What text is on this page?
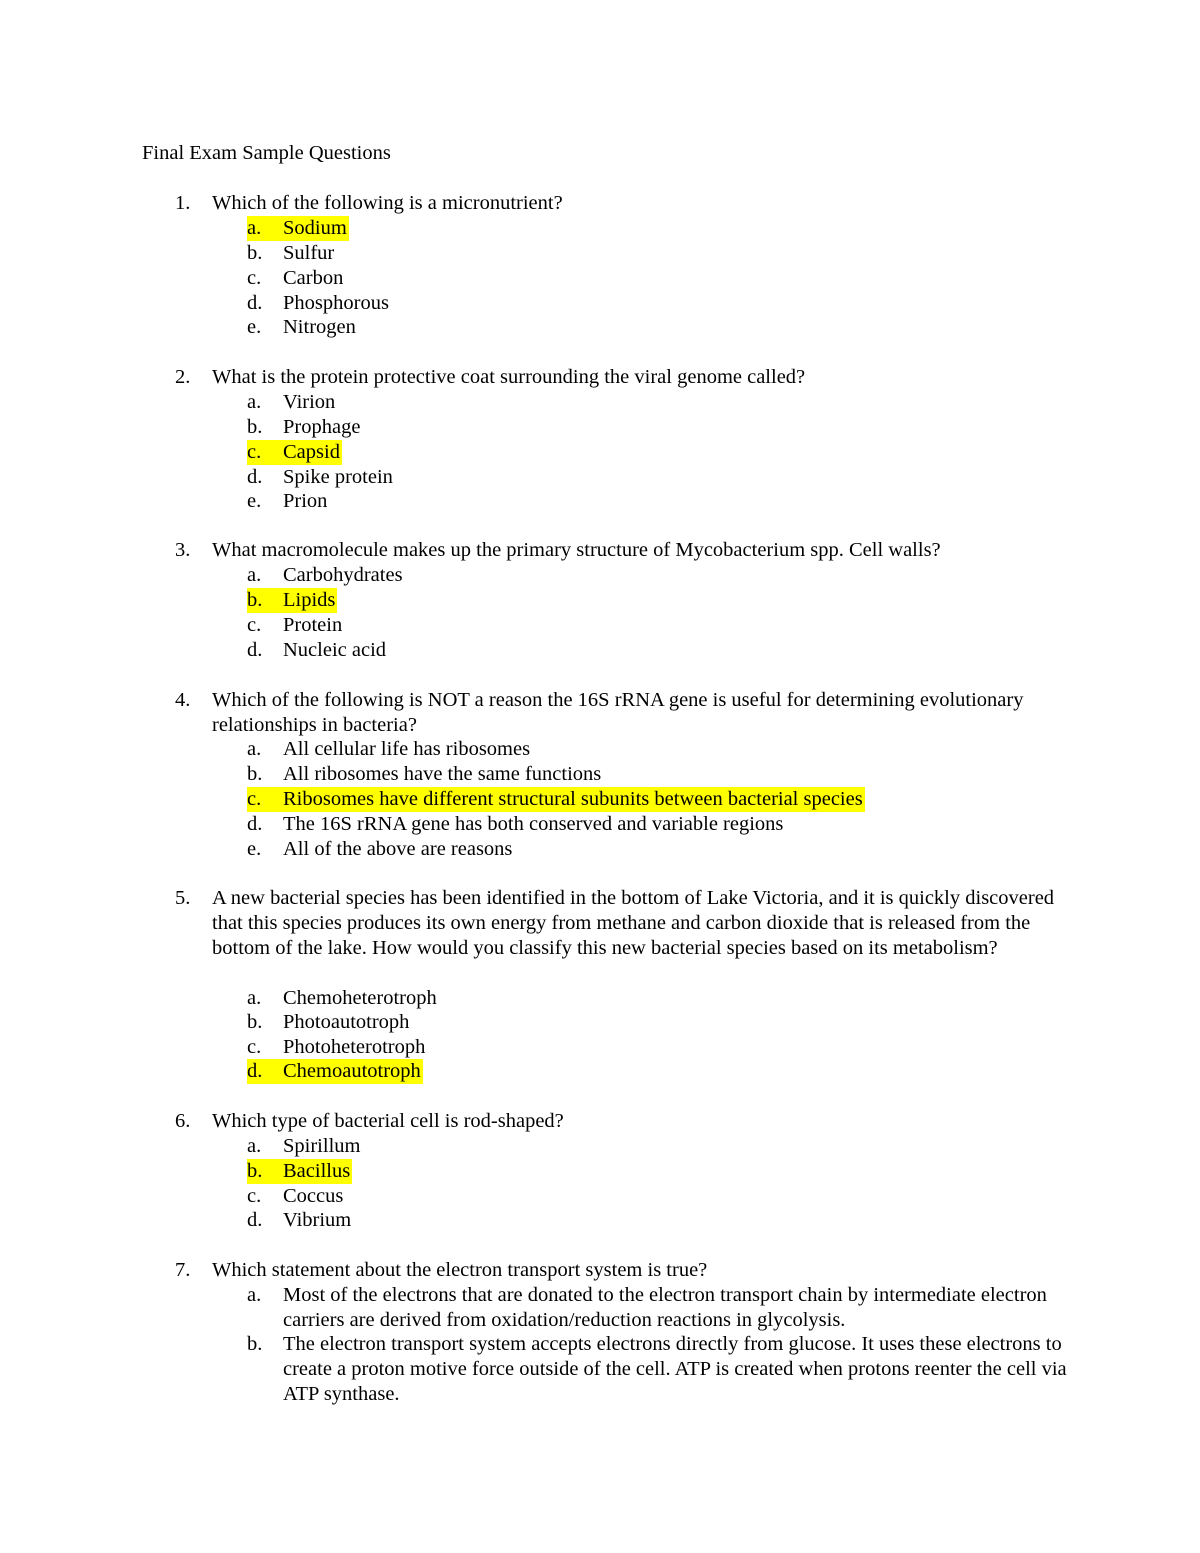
Final Exam Sample Questions
1. Which of the following is a micronutrient?
a. Sodium
b. Sulfur
c. Carbon
d. Phosphorous
e. Nitrogen
2. What is the protein protective coat surrounding the viral genome called?
a. Virion
b. Prophage
c. Capsid
d. Spike protein
e. Prion
3. What macromolecule makes up the primary structure of Mycobacterium spp. Cell walls?
a. Carbohydrates
b. Lipids
c. Protein
d. Nucleic acid
4. Which of the following is NOT a reason the 16S rRNA gene is useful for determining evolutionary relationships in bacteria?
a. All cellular life has ribosomes
b. All ribosomes have the same functions
c. Ribosomes have different structural subunits between bacterial species
d. The 16S rRNA gene has both conserved and variable regions
e. All of the above are reasons
5. A new bacterial species has been identified in the bottom of Lake Victoria, and it is quickly discovered that this species produces its own energy from methane and carbon dioxide that is released from the bottom of the lake. How would you classify this new bacterial species based on its metabolism?
a. Chemoheterotroph
b. Photoautotroph
c. Photoheterotroph
d. Chemoautotroph
6. Which type of bacterial cell is rod-shaped?
a. Spirillum
b. Bacillus
c. Coccus
d. Vibrium
7. Which statement about the electron transport system is true?
a. Most of the electrons that are donated to the electron transport chain by intermediate electron carriers are derived from oxidation/reduction reactions in glycolysis.
b. The electron transport system accepts electrons directly from glucose. It uses these electrons to create a proton motive force outside of the cell. ATP is created when protons reenter the cell via ATP synthase.
